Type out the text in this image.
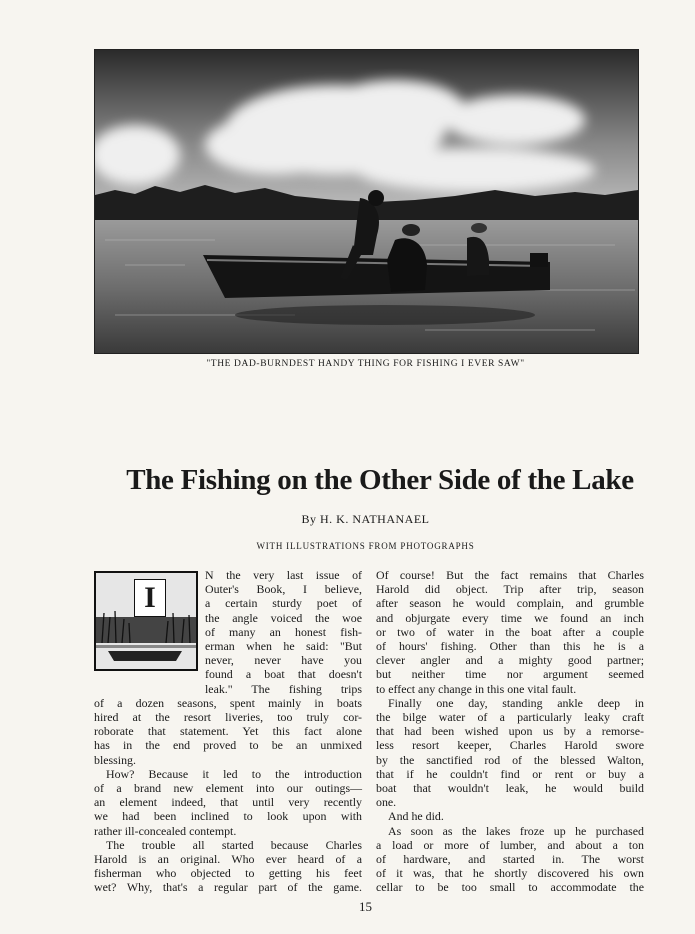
"THE DAD-BURNDEST HANDY THING FOR FISHING I EVER SAW"
The Fishing on the Other Side of the Lake
By H. K. NATHANAEL
WITH ILLUSTRATIONS FROM PHOTOGRAPHS
I
N the very last issue of
Outer's Book, I believe,
a certain sturdy poet of
the angle voiced the woe
of many an honest fish-
erman when he said: "But
never, never have you
found a boat that doesn't
leak." The fishing trips
of a dozen seasons, spent mainly in boats
hired at the resort liveries, too truly cor-
roborate that statement. Yet this fact alone
has in the end proved to be an unmixed
blessing.
How? Because it led to the introduction
of a brand new element into our outings—
an element indeed, that until very recently
we had been inclined to look upon with
rather ill-concealed contempt.
The trouble all started because Charles
Harold is an original. Who ever heard of a
fisherman who objected to getting his feet
wet? Why, that's a regular part of the game.
Of course! But the fact remains that Charles
Harold did object. Trip after trip, season
after season he would complain, and grumble
and objurgate every time we found an inch
or two of water in the boat after a couple
of hours' fishing. Other than this he is a
clever angler and a mighty good partner;
but neither time nor argument seemed
to effect any change in this one vital fault.
Finally one day, standing ankle deep in
the bilge water of a particularly leaky craft
that had been wished upon us by a remorse-
less resort keeper, Charles Harold swore
by the sanctified rod of the blessed Walton,
that if he couldn't find or rent or buy a
boat that wouldn't leak, he would build
one.
And he did.
As soon as the lakes froze up he purchased
a load or more of lumber, and about a ton
of hardware, and started in. The worst
of it was, that he shortly discovered his own
cellar to be too small to accommodate the
15
